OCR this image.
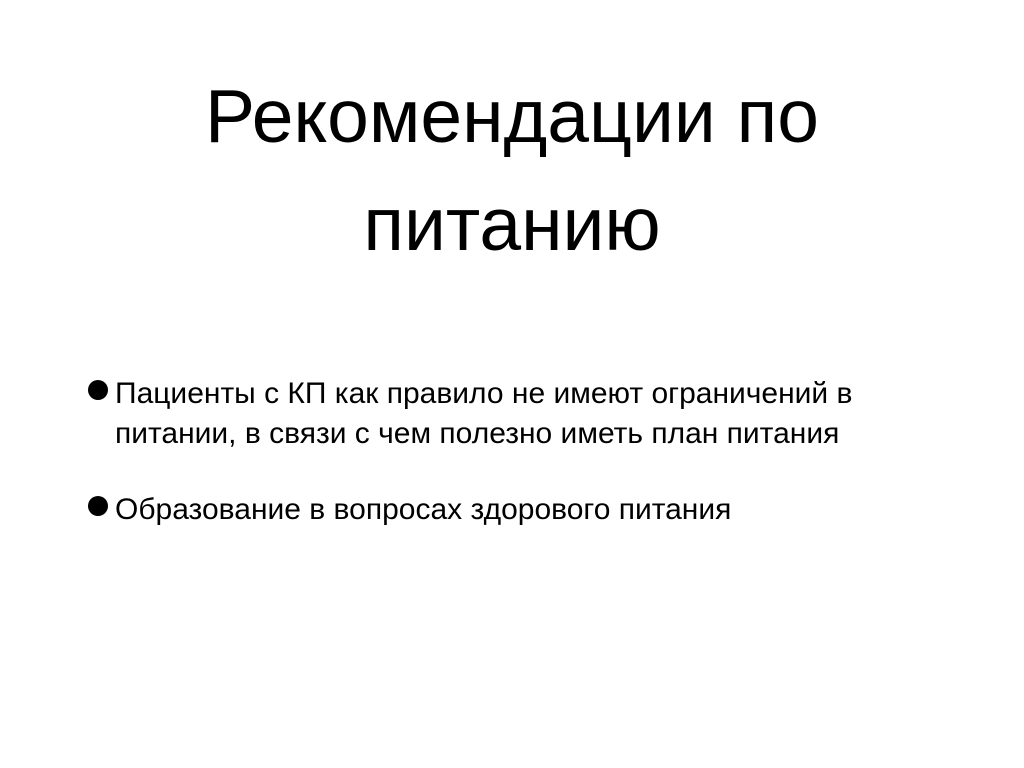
Рекомендации по
питанию
Пациенты с КП как правило не имеют ограничений в
питании, в связи с чем полезно иметь план питания
Образование в вопросах здорового питания
